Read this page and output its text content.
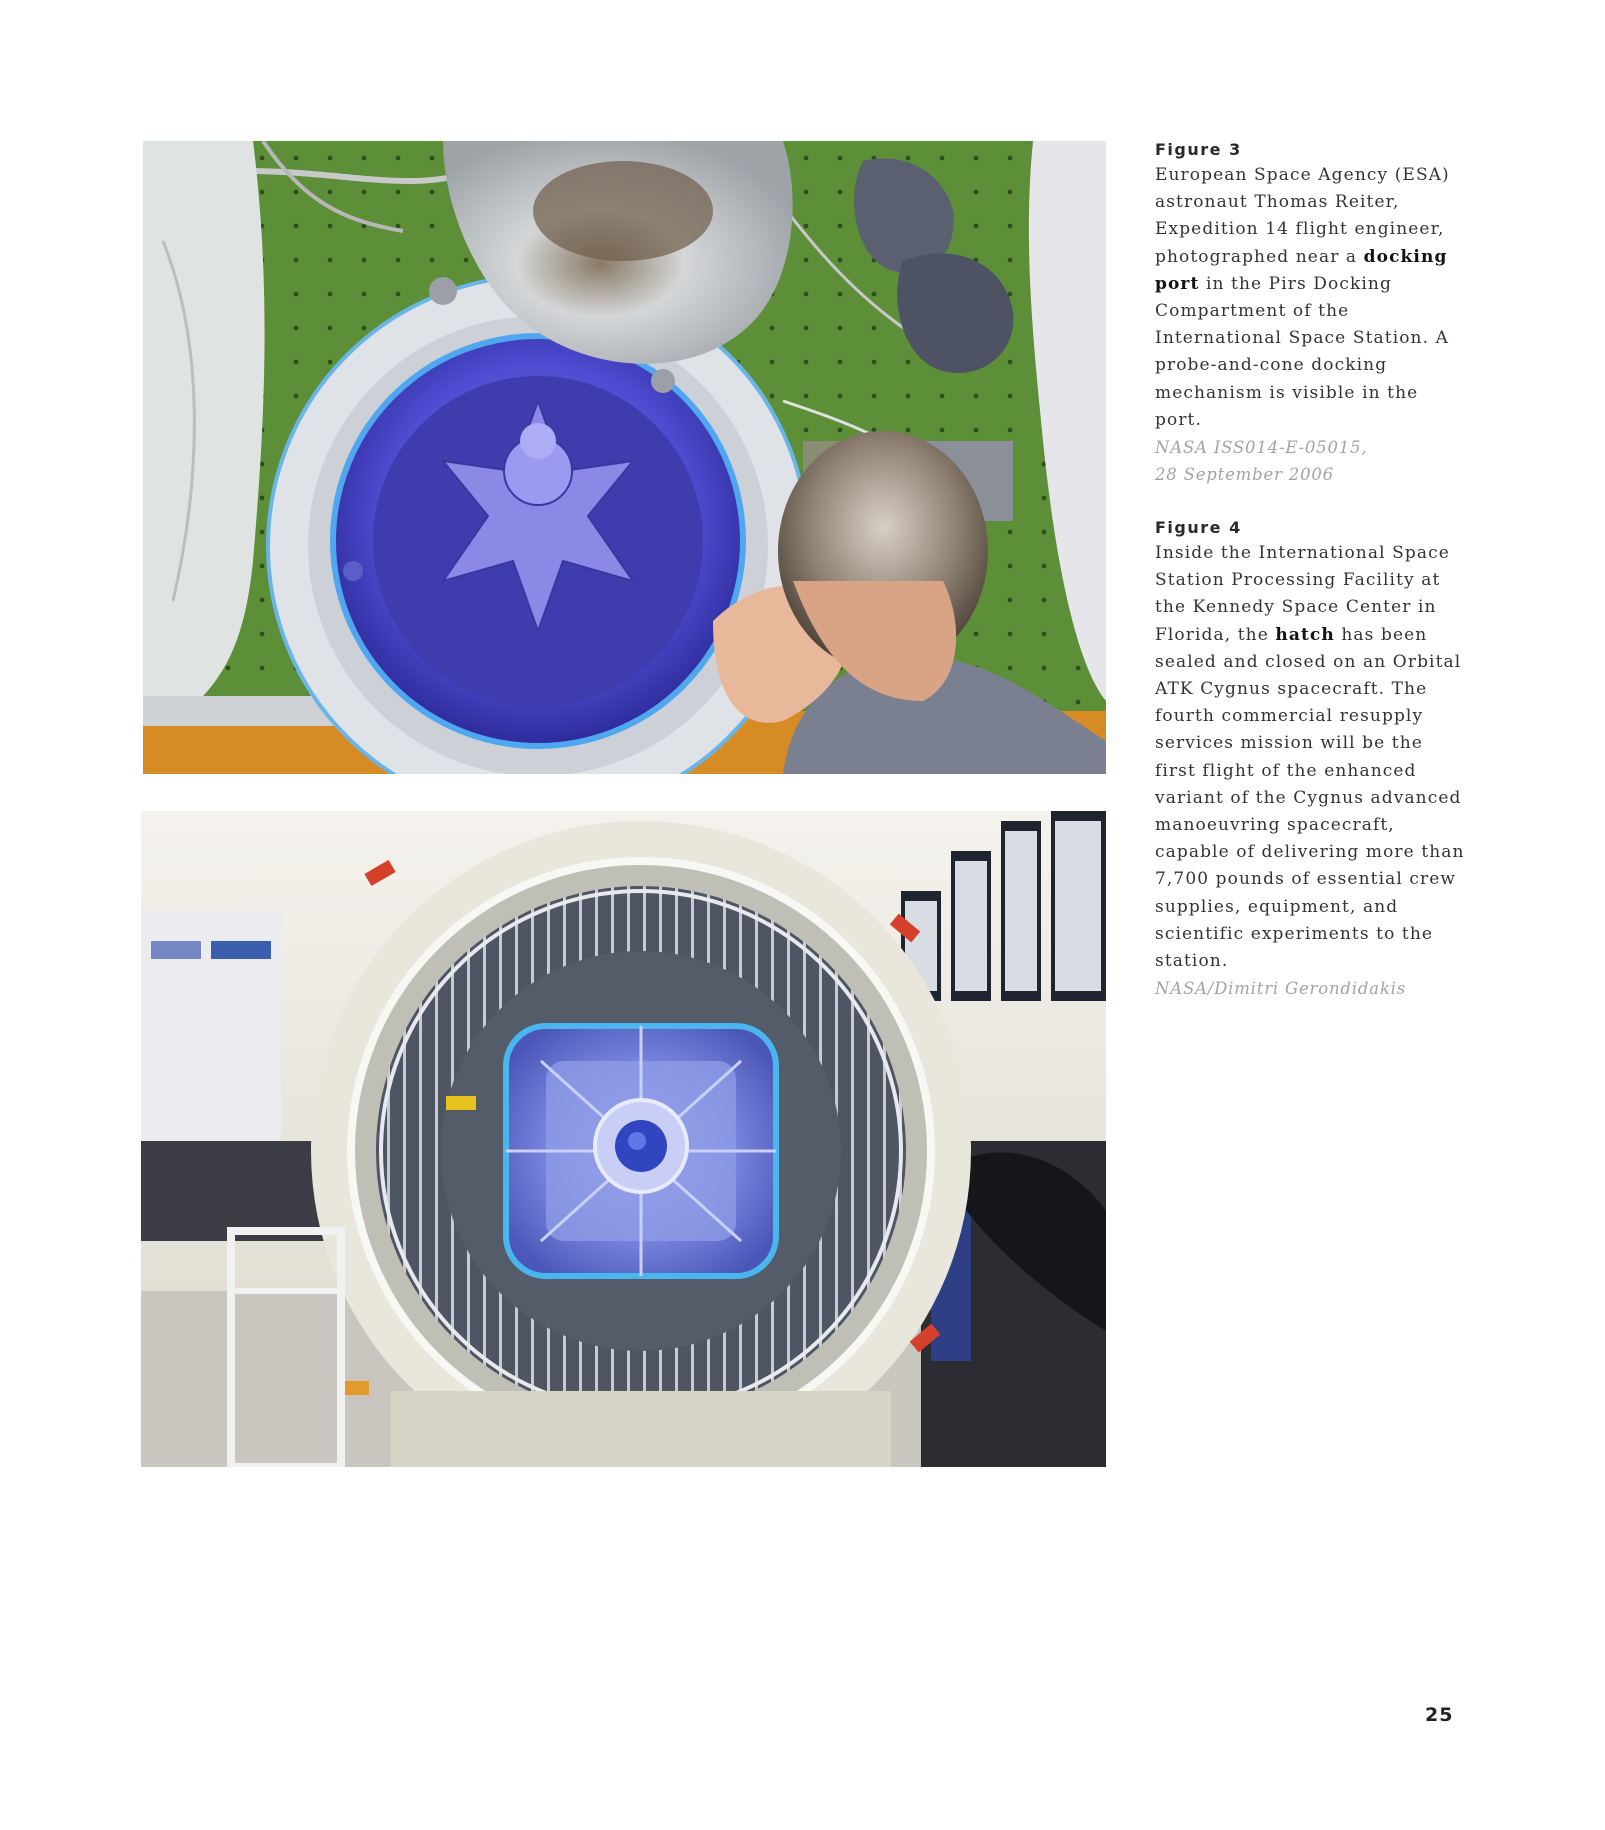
Figure 3
European Space Agency (ESA) astronaut Thomas Reiter, Expedition 14 flight engineer, photographed near a docking port in the Pirs Docking Compartment of the International Space Station. A probe-and-cone docking mechanism is visible in the port.
NASA ISS014-E-05015,
28 September 2006
Figure 4
Inside the International Space Station Processing Facility at the Kennedy Space Center in Florida, the hatch has been sealed and closed on an Orbital ATK Cygnus spacecraft. The fourth commercial resupply services mission will be the first flight of the enhanced variant of the Cygnus advanced manoeuvring spacecraft, capable of delivering more than 7,700 pounds of essential crew supplies, equipment, and scientific experiments to the station.
NASA/Dimitri Gerondidakis
25
